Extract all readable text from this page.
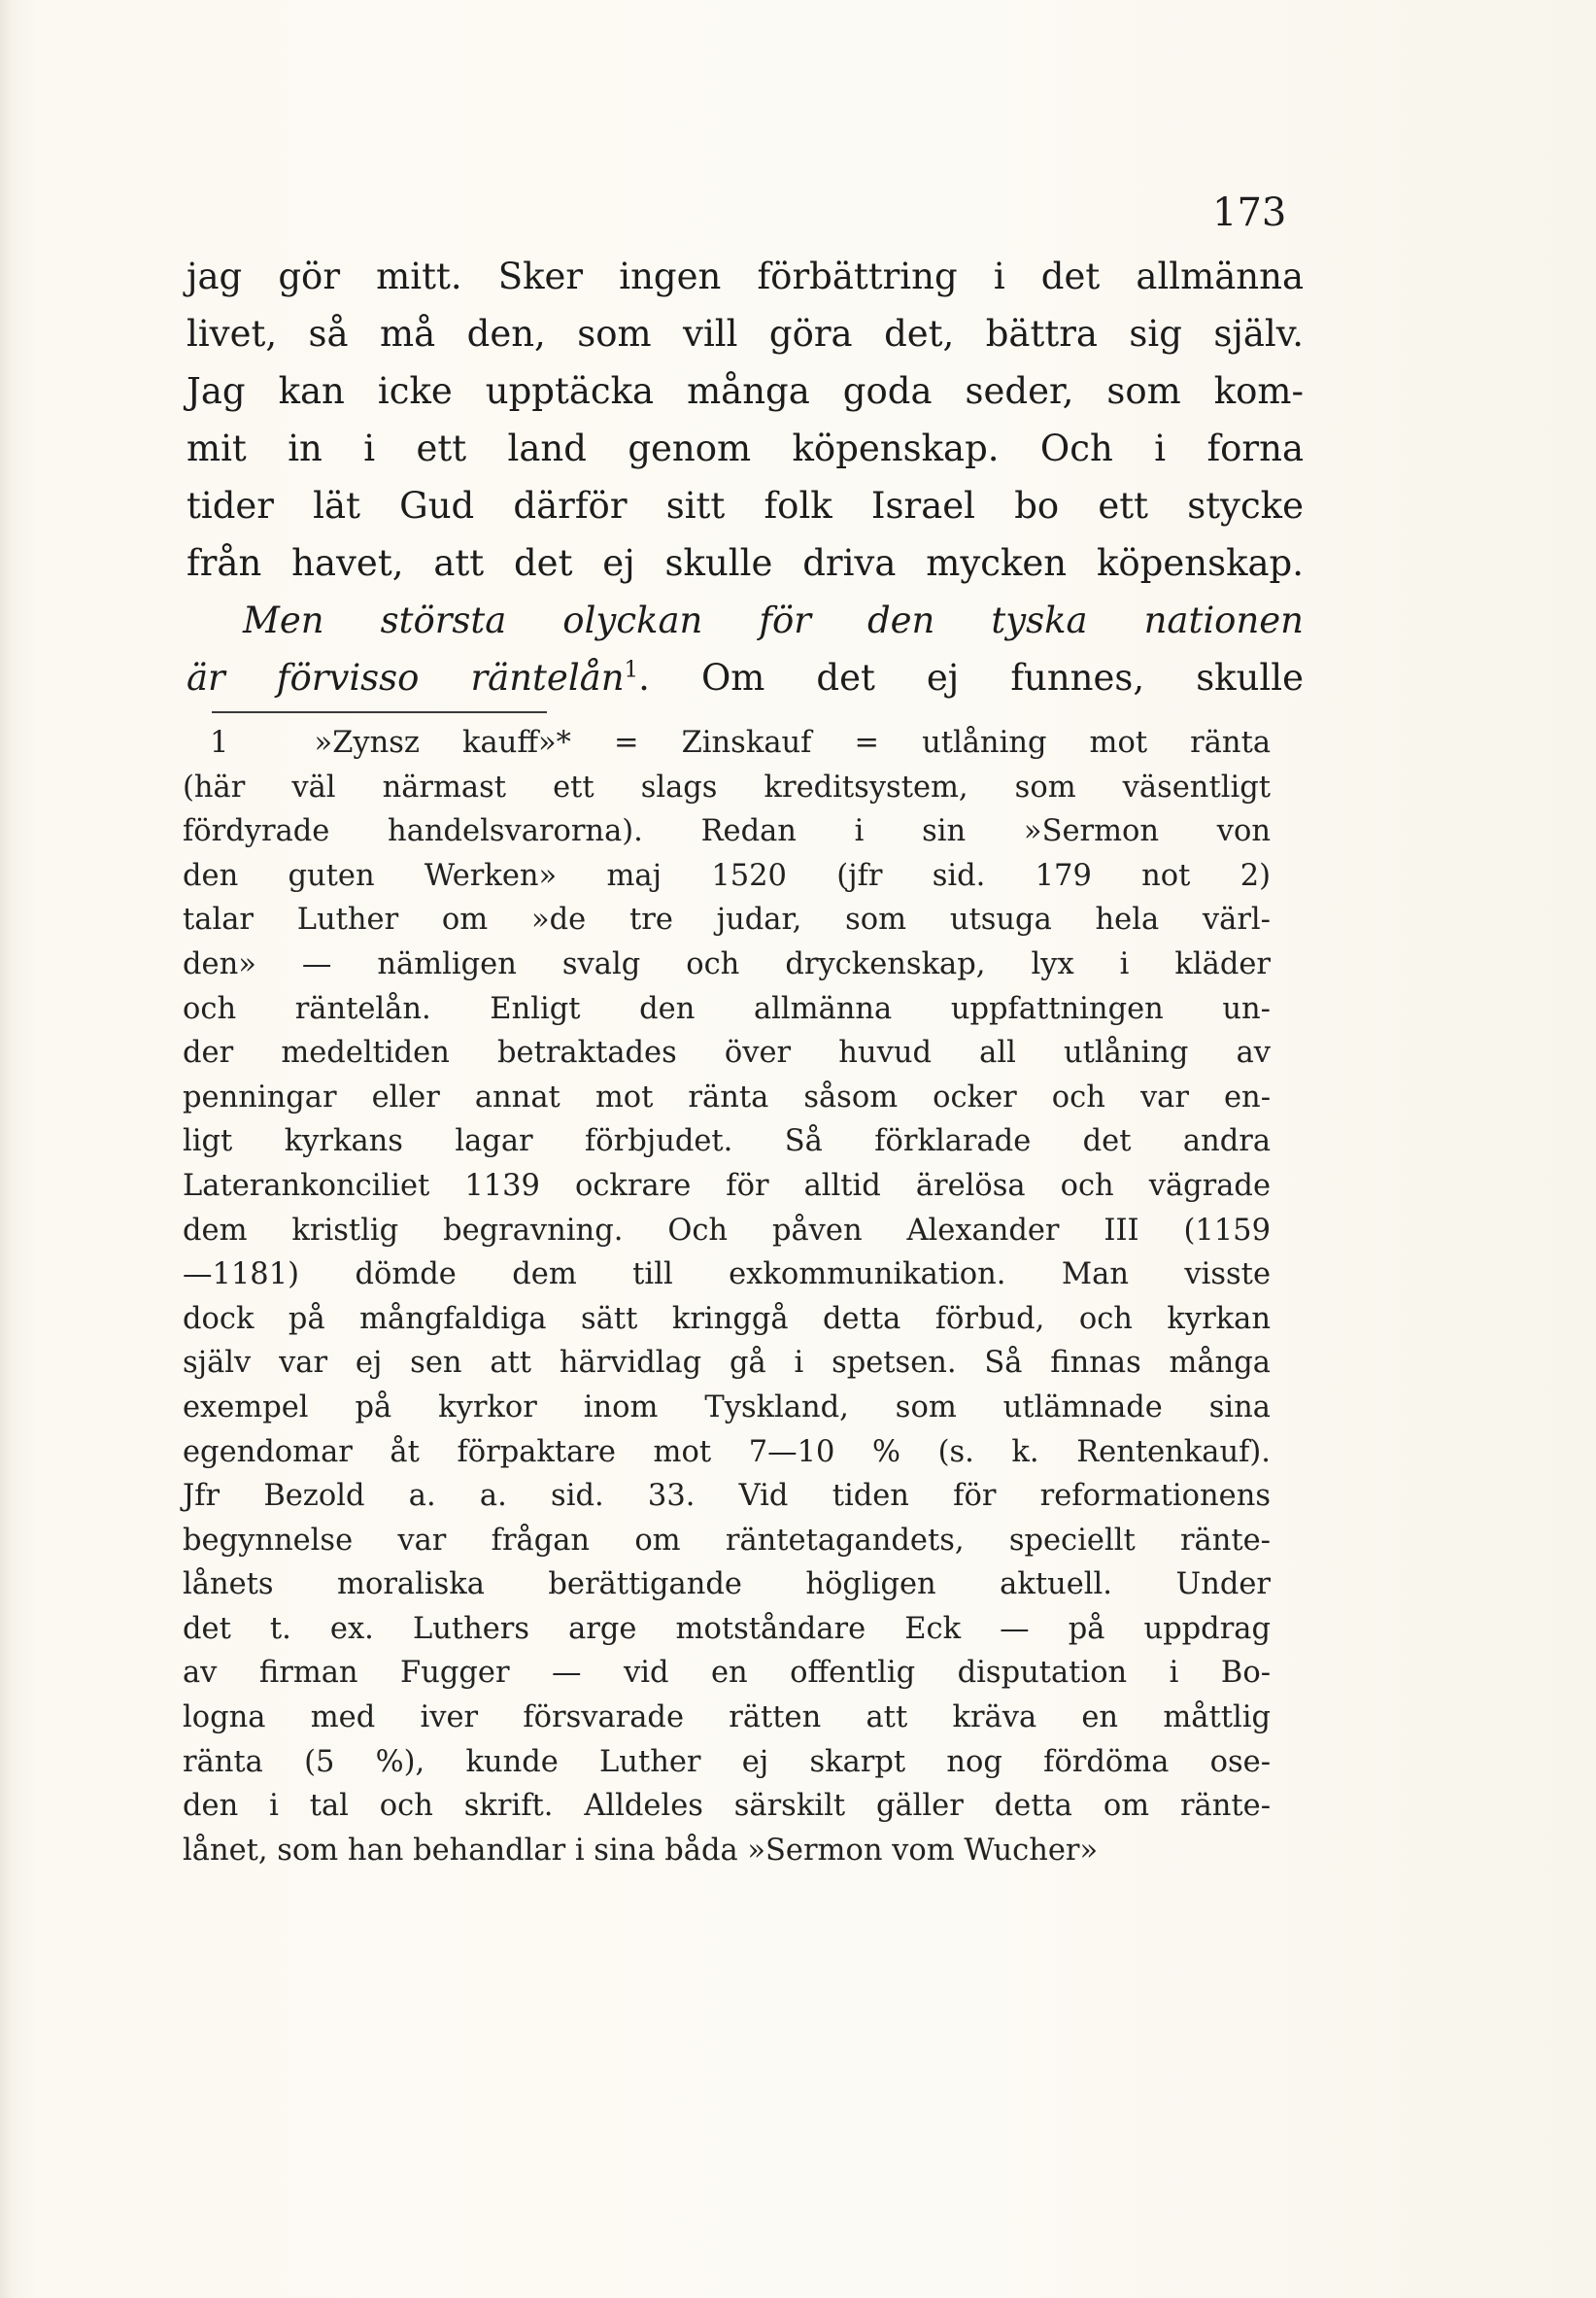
173
jag gör mitt. Sker ingen förbättring i det allmänna
livet, så må den, som vill göra det, bättra sig själv.
Jag kan icke upptäcka många goda seder, som kom-
mit in i ett land genom köpenskap. Och i forna
tider lät Gud därför sitt folk Israel bo ett stycke
från havet, att det ej skulle driva mycken köpenskap.
Men största olyckan för den tyska nationen
är förvisso räntelån$^1$. Om det ej funnes, skulle
1	»Zynsz kauff»* = Zinskauf = utlåning mot ränta
(här väl närmast ett slags kreditsystem, som väsentligt
fördyrade handelsvarorna). Redan i sin »Sermon von
den guten Werken» maj 1520 (jfr sid. 179 not 2)
talar Luther om »de tre judar, som utsuga hela värl-
den» — nämligen svalg och dryckenskap, lyx i kläder
och räntelån. Enligt den allmänna uppfattningen un-
der medeltiden betraktades över huvud all utlåning av
penningar eller annat mot ränta såsom ocker och var en-
ligt kyrkans lagar förbjudet. Så förklarade det andra
Laterankonciliet 1139 ockrare för alltid ärelösa och vägrade
dem kristlig begravning. Och påven Alexander III (1159
—1181) dömde dem till exkommunikation. Man visste
dock på mångfaldiga sätt kringgå detta förbud, och kyrkan
själv var ej sen att härvidlag gå i spetsen. Så finnas många
exempel på kyrkor inom Tyskland, som utlämnade sina
egendomar åt förpaktare mot 7—10 % (s. k. Rentenkauf).
Jfr Bezold a. a. sid. 33. Vid tiden för reformationens
begynnelse var frågan om räntetagandets, speciellt ränte-
lånets moraliska berättigande högligen aktuell. Under
det t. ex. Luthers arge motståndare Eck — på uppdrag
av firman Fugger — vid en offentlig disputation i Bo-
logna med iver försvarade rätten att kräva en måttlig
ränta (5 %), kunde Luther ej skarpt nog fördöma ose-
den i tal och skrift. Alldeles särskilt gäller detta om ränte-
lånet, som han behandlar i sina båda »Sermon vom Wucher»
